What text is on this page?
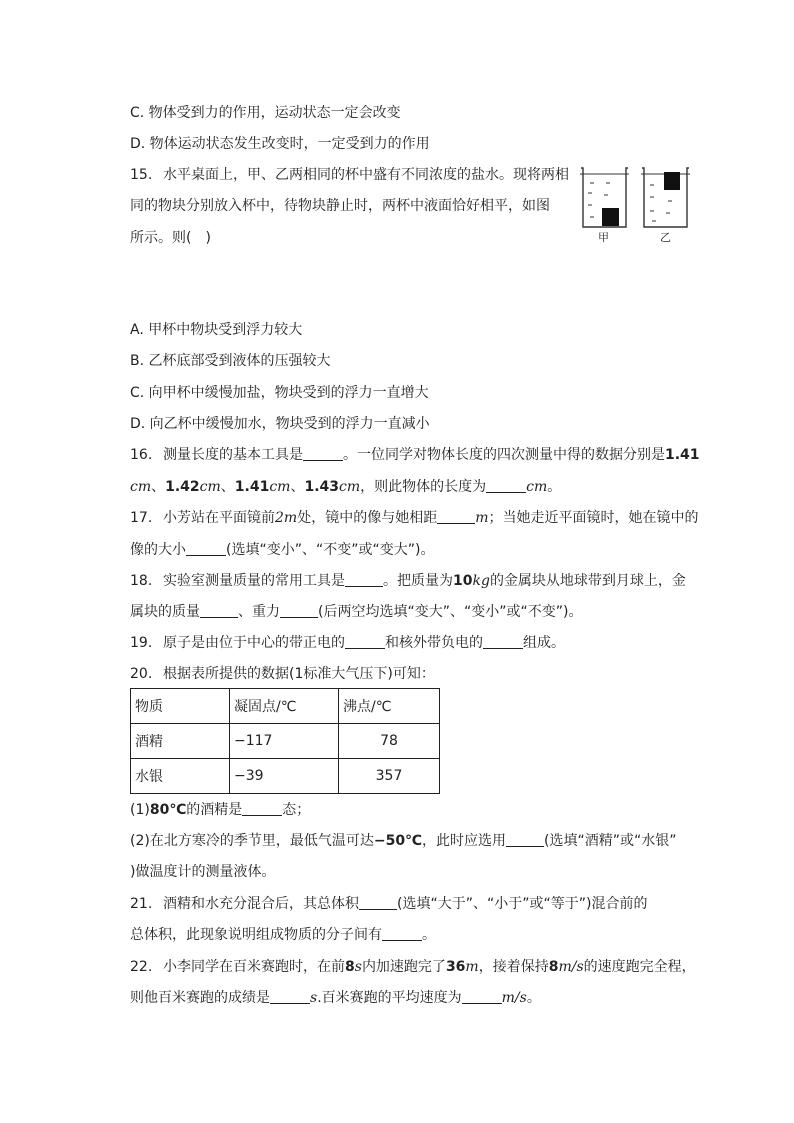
C. 物体受到力的作用，运动状态一定会改变
D. 物体运动状态发生改变时，一定受到力的作用
15. 水平桌面上，甲、乙两相同的杯中盛有不同浓度的盐水。现将两相
同的物块分别放入杯中，待物块静止时，两杯中液面恰好相平，如图
所示。则(　)	甲	乙
A. 甲杯中物块受到浮力较大
B. 乙杯底部受到液体的压强较大
C. 向甲杯中缓慢加盐，物块受到的浮力一直增大
D. 向乙杯中缓慢加水，物块受到的浮力一直减小
16. 测量长度的基本工具是	。一位同学对物体长度的四次测量中得的数据分别是1.41
cm、1.42cm、1.41cm、1.43cm，则此物体的长度为	cm。
17. 小芳站在平面镜前2m处，镜中的像与她相距	m；当她走近平面镜时，她在镜中的
像的大小	(选填“变小”、“不变”或“变大”)。
18. 实验室测量质量的常用工具是	。把质量为10kg的金属块从地球带到月球上，金
属块的质量	、重力	(后两空均选填“变大”、“变小”或“不变”)。
19. 原子是由位于中心的带正电的	和核外带负电的	组成。
20. 根据表所提供的数据(1标准大气压下)可知：
物质	凝固点/℃	沸点/℃
酒精	−117	78
水银	−39	357
(1)80℃的酒精是	态；
(2)在北方寒冷的季节里，最低气温可达−50℃，此时应选用	(选填“酒精”或“水银”
)做温度计的测量液体。
21. 酒精和水充分混合后，其总体积	(选填“大于”、“小于”或“等于”)混合前的
总体积，此现象说明组成物质的分子间有	。
22. 小李同学在百米赛跑时，在前8s内加速跑完了36m，接着保持8m/s的速度跑完全程，
则他百米赛跑的成绩是	s.百米赛跑的平均速度为	m/s。
